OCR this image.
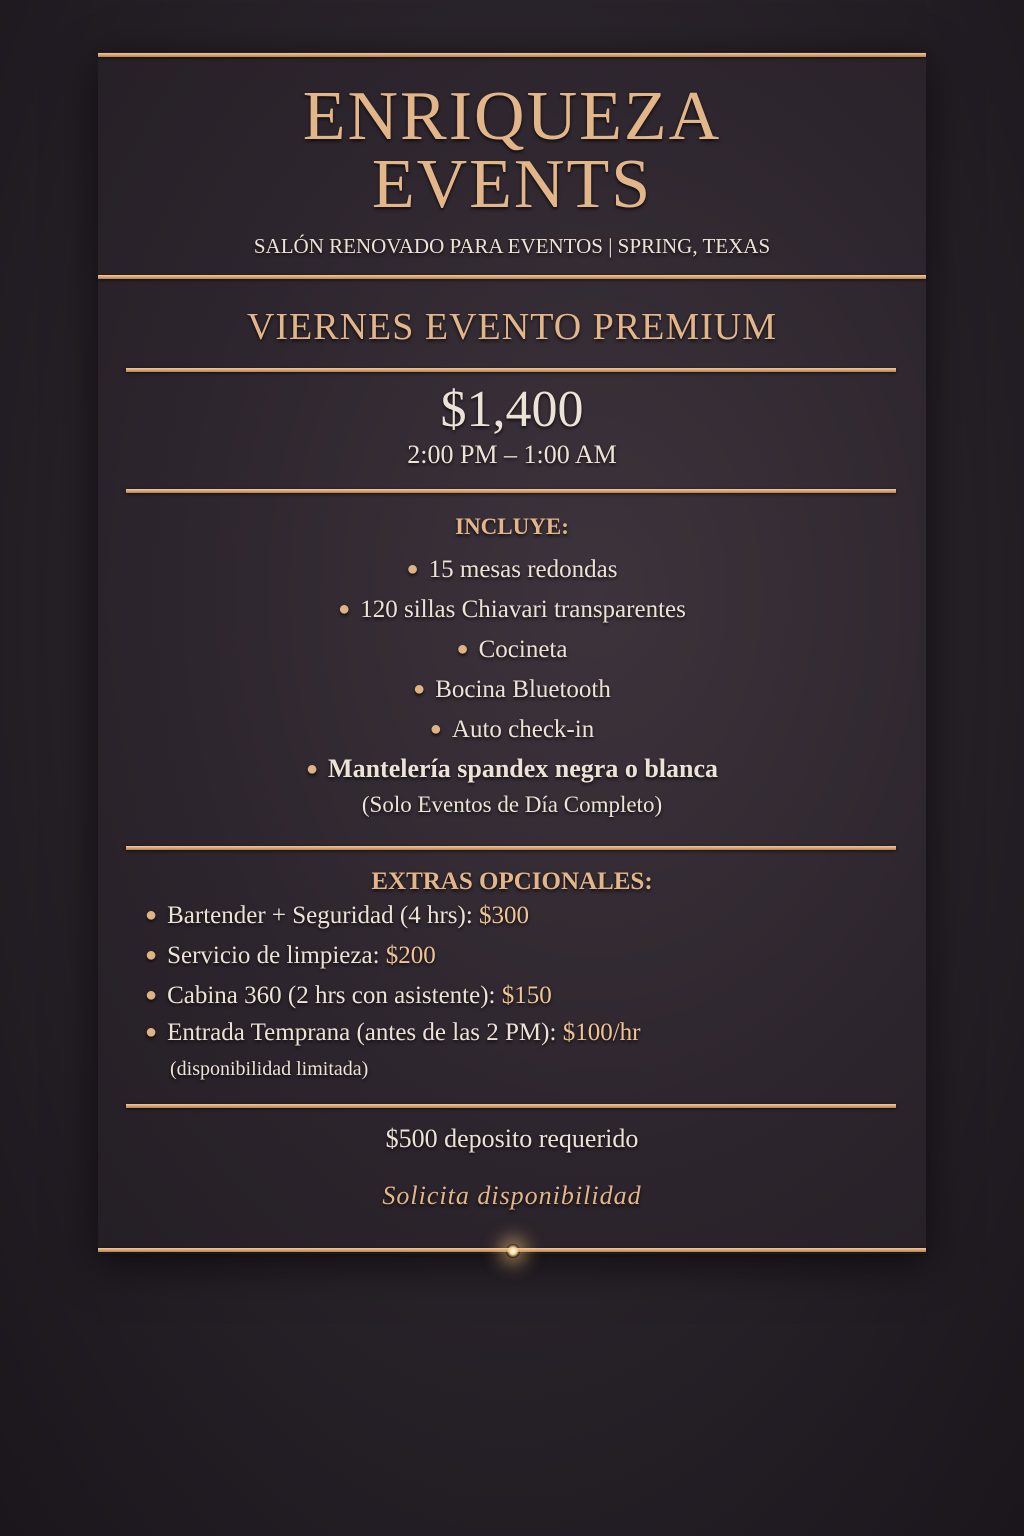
ENRIQUEZA
EVENTS
SALÓN RENOVADO PARA EVENTOS | SPRING, TEXAS
VIERNES EVENTO PREMIUM
$1,400
2:00 PM – 1:00 AM
INCLUYE:
● 15 mesas redondas
● 120 sillas Chiavari transparentes
● Cocineta
● Bocina Bluetooth
● Auto check-in
● Mantelería spandex negra o blanca
(Solo Eventos de Día Completo)
EXTRAS OPCIONALES:
● Bartender + Seguridad (4 hrs): $300
● Servicio de limpieza: $200
● Cabina 360 (2 hrs con asistente): $150
● Entrada Temprana (antes de las 2 PM): $100/hr
(disponibilidad limitada)
$500 deposito requerido
Solicita disponibilidad
